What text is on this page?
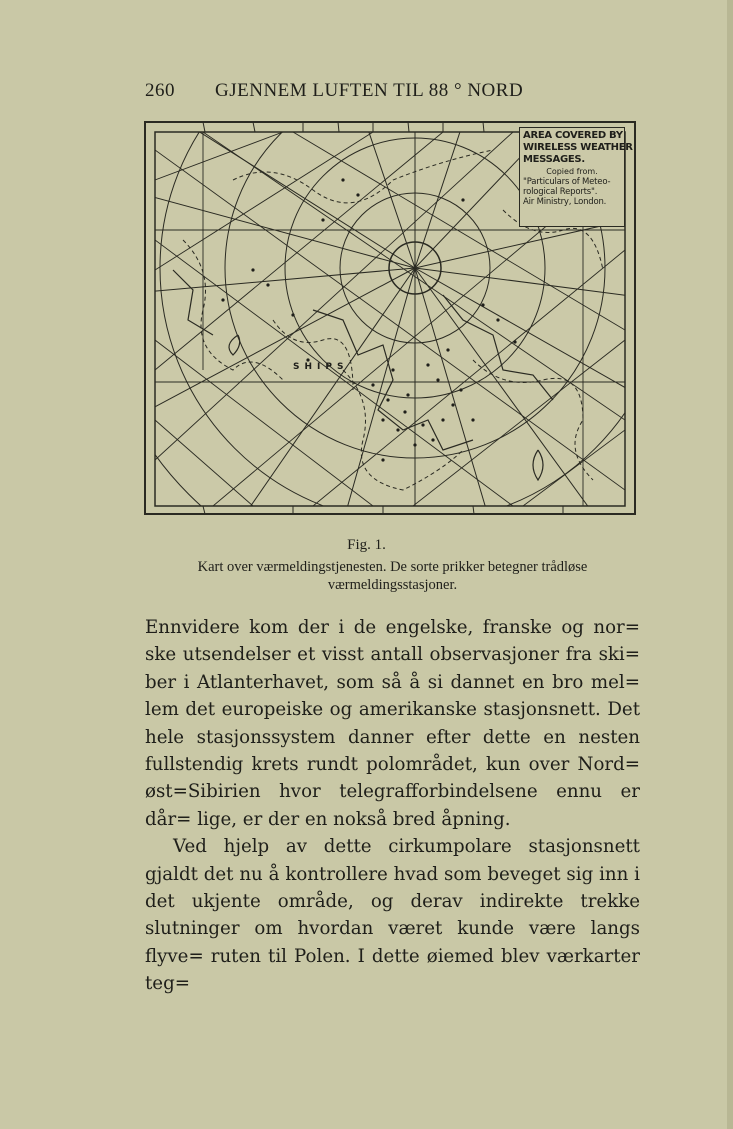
260 GJENNEM LUFTEN TIL 88 ° NORD
AREA COVERED BY
WIRELESS WEATHER
MESSAGES.
Copied from.
"Particulars of Meteo-
rological Reports".
Air Ministry, London.
SHIPS
Fig. 1.
Kart over værmeldingstjenesten. De sorte prikker betegner trådløse
værmeldingsstasjoner.

Ennvidere kom der i de engelske, franske og nor= ske utsendelser et visst antall observasjoner fra ski= ber i Atlanterhavet, som så å si dannet en bro mel= lem det europeiske og amerikanske stasjonsnett. Det hele stasjonssystem danner efter dette en nesten fullstendig krets rundt polområdet, kun over Nord= øst=Sibirien hvor telegrafforbindelsene ennu er dår= lige, er der en nokså bred åpning.

Ved hjelp av dette cirkumpolare stasjonsnett gjaldt det nu å kontrollere hvad som beveget sig inn i det ukjente område, og derav indirekte trekke slutninger om hvordan været kunde være langs flyve= ruten til Polen. I dette øiemed blev værkarter teg=
